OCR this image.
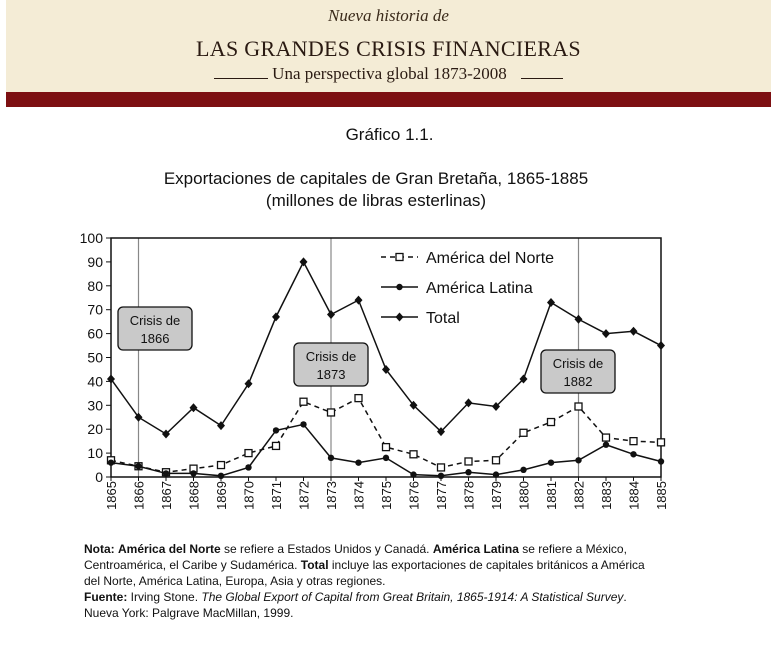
Nueva historia de
LAS GRANDES CRISIS FINANCIERAS
Una perspectiva global 1873-2008
Gráfico 1.1.
Exportaciones de capitales de Gran Bretaña, 1865-1885
(millones de libras esterlinas)
0
10
20
30
40
50
60
70
80
90
100
1865 1866 1867 1868 1869 1870 1871 1872 1873 1874 1875 1876 1877 1878 1879 1880 1881 1882 1883 1884 1885
Crisis de
1866
Crisis de
1873
Crisis de
1882
América del Norte
América Latina
Total

Nota: América del Norte se refiere a Estados Unidos y Canadá. América Latina se refiere a México, Centroamérica, el Caribe y Sudamérica. Total incluye las exportaciones de capitales británicos a América del Norte, América Latina, Europa, Asia y otras regiones.

Fuente: Irving Stone. The Global Export of Capital from Great Britain, 1865-1914: A Statistical Survey. Nueva York: Palgrave MacMillan, 1999.
